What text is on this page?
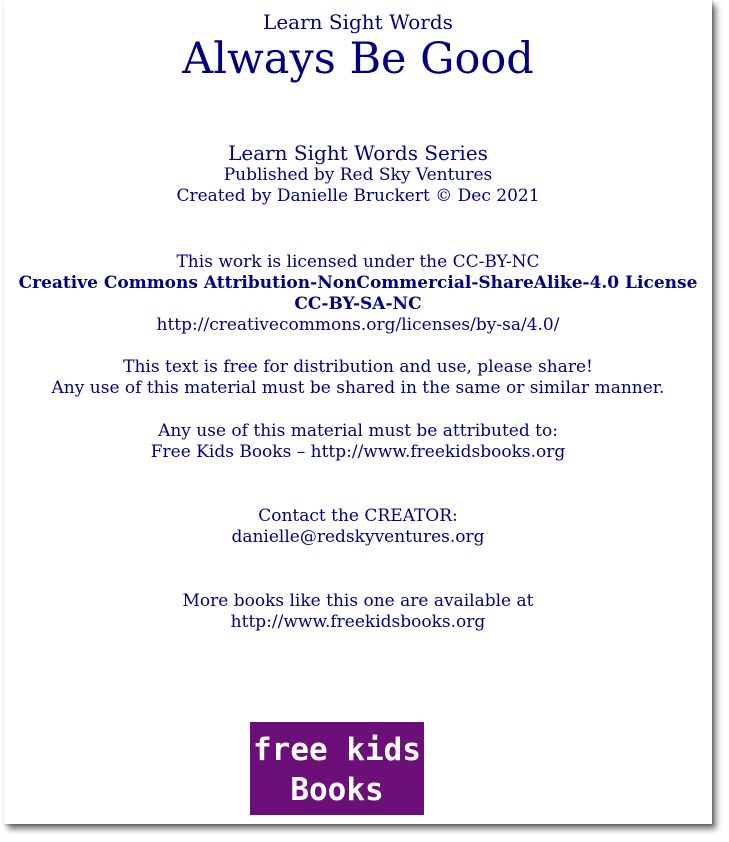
Learn Sight Words
Always Be Good
Learn Sight Words Series
Published by Red Sky Ventures
Created by Danielle Bruckert © Dec 2021
This work is licensed under the CC-BY-NC
Creative Commons Attribution-NonCommercial-ShareAlike-4.0 License
CC-BY-SA-NC
http://creativecommons.org/licenses/by-sa/4.0/
This text is free for distribution and use, please share!
Any use of this material must be shared in the same or similar manner.
Any use of this material must be attributed to:
Free Kids Books – http://www.freekidsbooks.org
Contact the CREATOR:
danielle@redskyventures.org
More books like this one are available at
http://www.freekidsbooks.org
free kids
Books
